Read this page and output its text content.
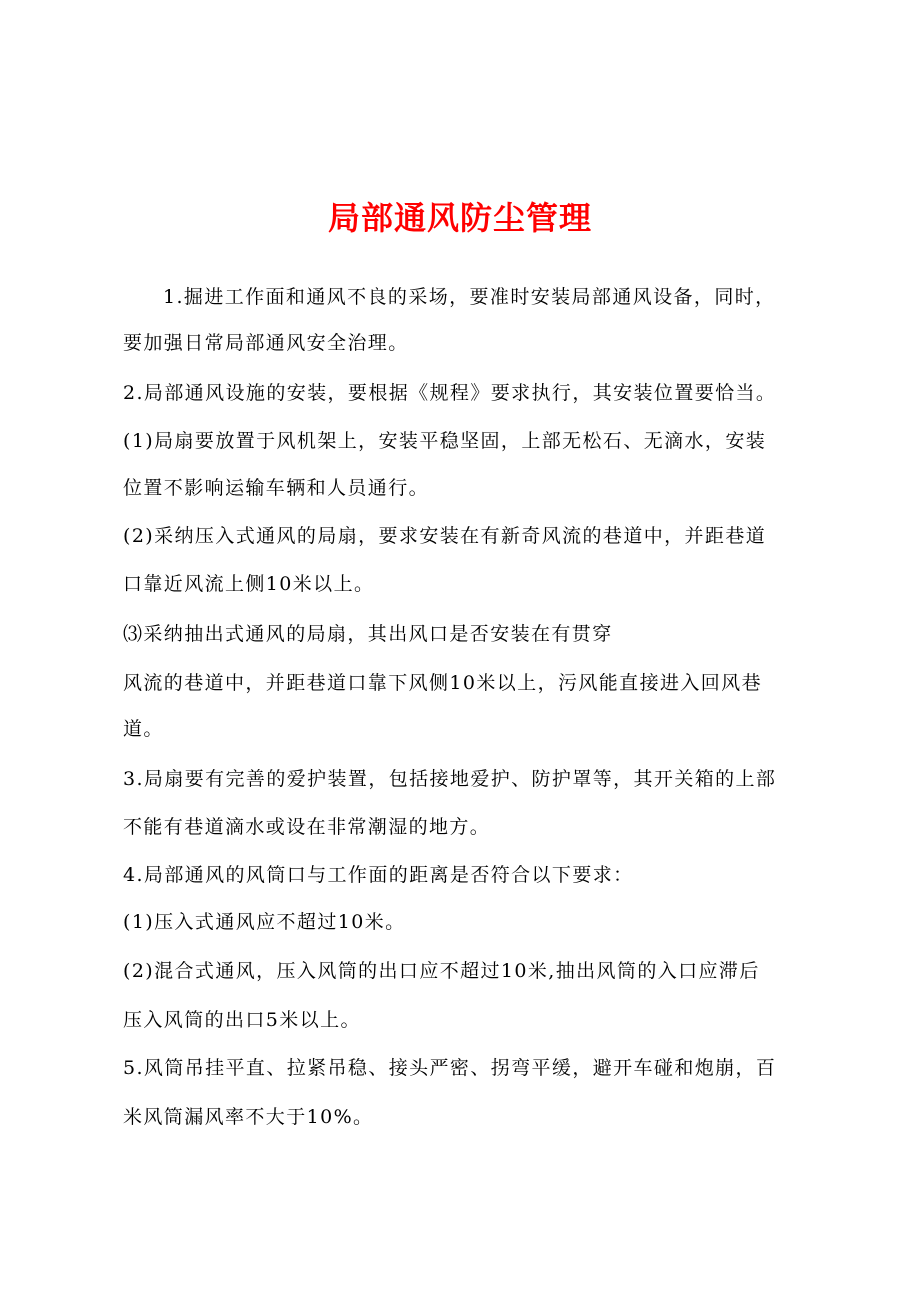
局部通风防尘管理
1.掘进工作面和通风不良的采场，要准时安装局部通风设备，同时，
要加强日常局部通风安全治理。
2.局部通风设施的安装，要根据《规程》要求执行，其安装位置要恰当。
(1)局扇要放置于风机架上，安装平稳坚固，上部无松石、无滴水，安装
位置不影响运输车辆和人员通行。
(2)采纳压入式通风的局扇，要求安装在有新奇风流的巷道中，并距巷道
口靠近风流上侧10米以上。
⑶采纳抽出式通风的局扇，其出风口是否安装在有贯穿
风流的巷道中，并距巷道口靠下风侧10米以上，污风能直接进入回风巷
道。
3.局扇要有完善的爱护装置，包括接地爱护、防护罩等，其开关箱的上部
不能有巷道滴水或设在非常潮湿的地方。
4.局部通风的风筒口与工作面的距离是否符合以下要求：
(1)压入式通风应不超过10米。
(2)混合式通风，压入风筒的出口应不超过10米,抽出风筒的入口应滞后
压入风筒的出口5米以上。
5.风筒吊挂平直、拉紧吊稳、接头严密、拐弯平缓，避开车碰和炮崩，百
米风筒漏风率不大于10%。
